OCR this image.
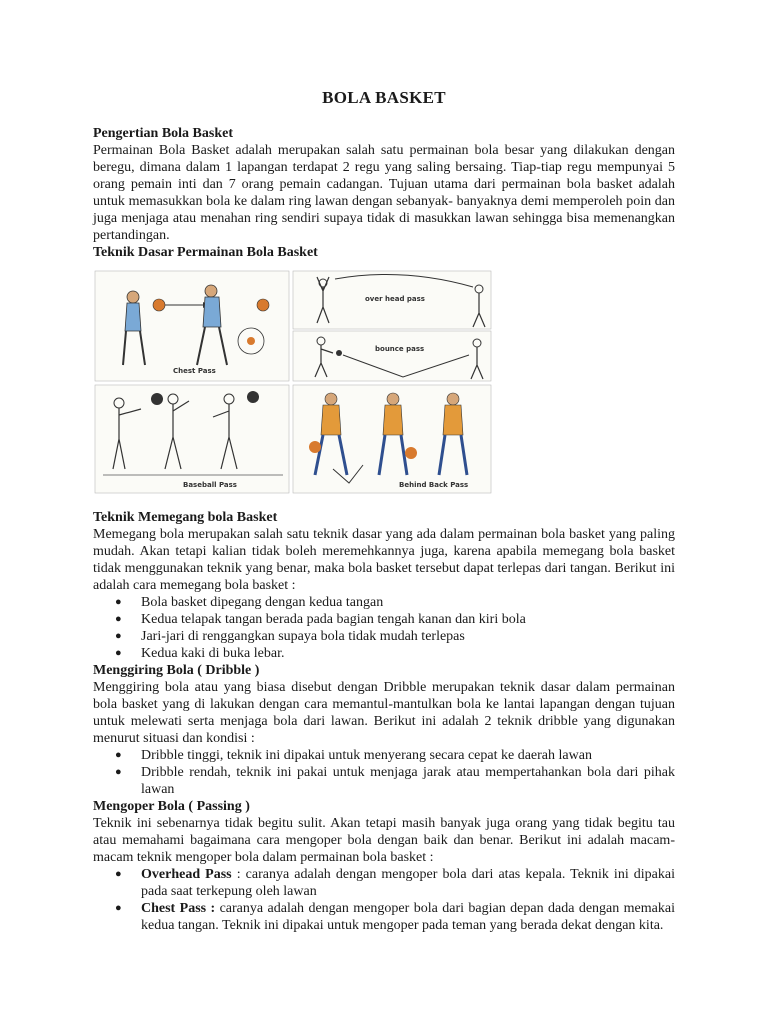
BOLA BASKET
Pengertian Bola Basket
Permainan Bola Basket adalah merupakan salah satu permainan bola besar yang dilakukan dengan beregu, dimana dalam 1 lapangan terdapat 2 regu yang saling bersaing. Tiap-tiap regu mempunyai 5 orang pemain inti dan 7 orang pemain cadangan. Tujuan utama dari permainan bola basket adalah untuk memasukkan bola ke dalam ring lawan dengan sebanyak- banyaknya demi memperoleh poin dan juga menjaga atau menahan ring sendiri supaya tidak di masukkan lawan sehingga bisa memenangkan pertandingan.
Teknik Dasar Permainan Bola Basket
Chest Pass
over head pass
bounce pass
Baseball Pass	Behind Back Pass
Teknik Memegang bola Basket
Memegang bola merupakan salah satu teknik dasar yang ada dalam permainan bola basket yang paling mudah. Akan tetapi kalian tidak boleh meremehkannya juga, karena apabila memegang bola basket tidak menggunakan teknik yang benar, maka bola basket tersebut dapat terlepas dari tangan. Berikut ini adalah cara memegang bola basket :
● Bola basket dipegang dengan kedua tangan
● Kedua telapak tangan berada pada bagian tengah kanan dan kiri bola
● Jari-jari di renggangkan supaya bola tidak mudah terlepas
● Kedua kaki di buka lebar.
Menggiring Bola ( Dribble )
Menggiring bola atau yang biasa disebut dengan Dribble merupakan teknik dasar dalam permainan bola basket yang di lakukan dengan cara memantul-mantulkan bola ke lantai lapangan dengan tujuan untuk melewati serta menjaga bola dari lawan. Berikut ini adalah 2 teknik dribble yang digunakan menurut situasi dan kondisi :
● Dribble tinggi, teknik ini dipakai untuk menyerang secara cepat ke daerah lawan
● Dribble rendah, teknik ini pakai untuk menjaga jarak atau mempertahankan bola dari pihak lawan
Mengoper Bola ( Passing )
Teknik ini sebenarnya tidak begitu sulit. Akan tetapi masih banyak juga orang yang tidak begitu tau atau memahami bagaimana cara mengoper bola dengan baik dan benar. Berikut ini adalah macam-macam teknik mengoper bola dalam permainan bola basket :
● Overhead Pass : caranya adalah dengan mengoper bola dari atas kepala. Teknik ini dipakai pada saat terkepung oleh lawan
● Chest Pass : caranya adalah dengan mengoper bola dari bagian depan dada dengan memakai kedua tangan. Teknik ini dipakai untuk mengoper pada teman yang berada dekat dengan kita.
